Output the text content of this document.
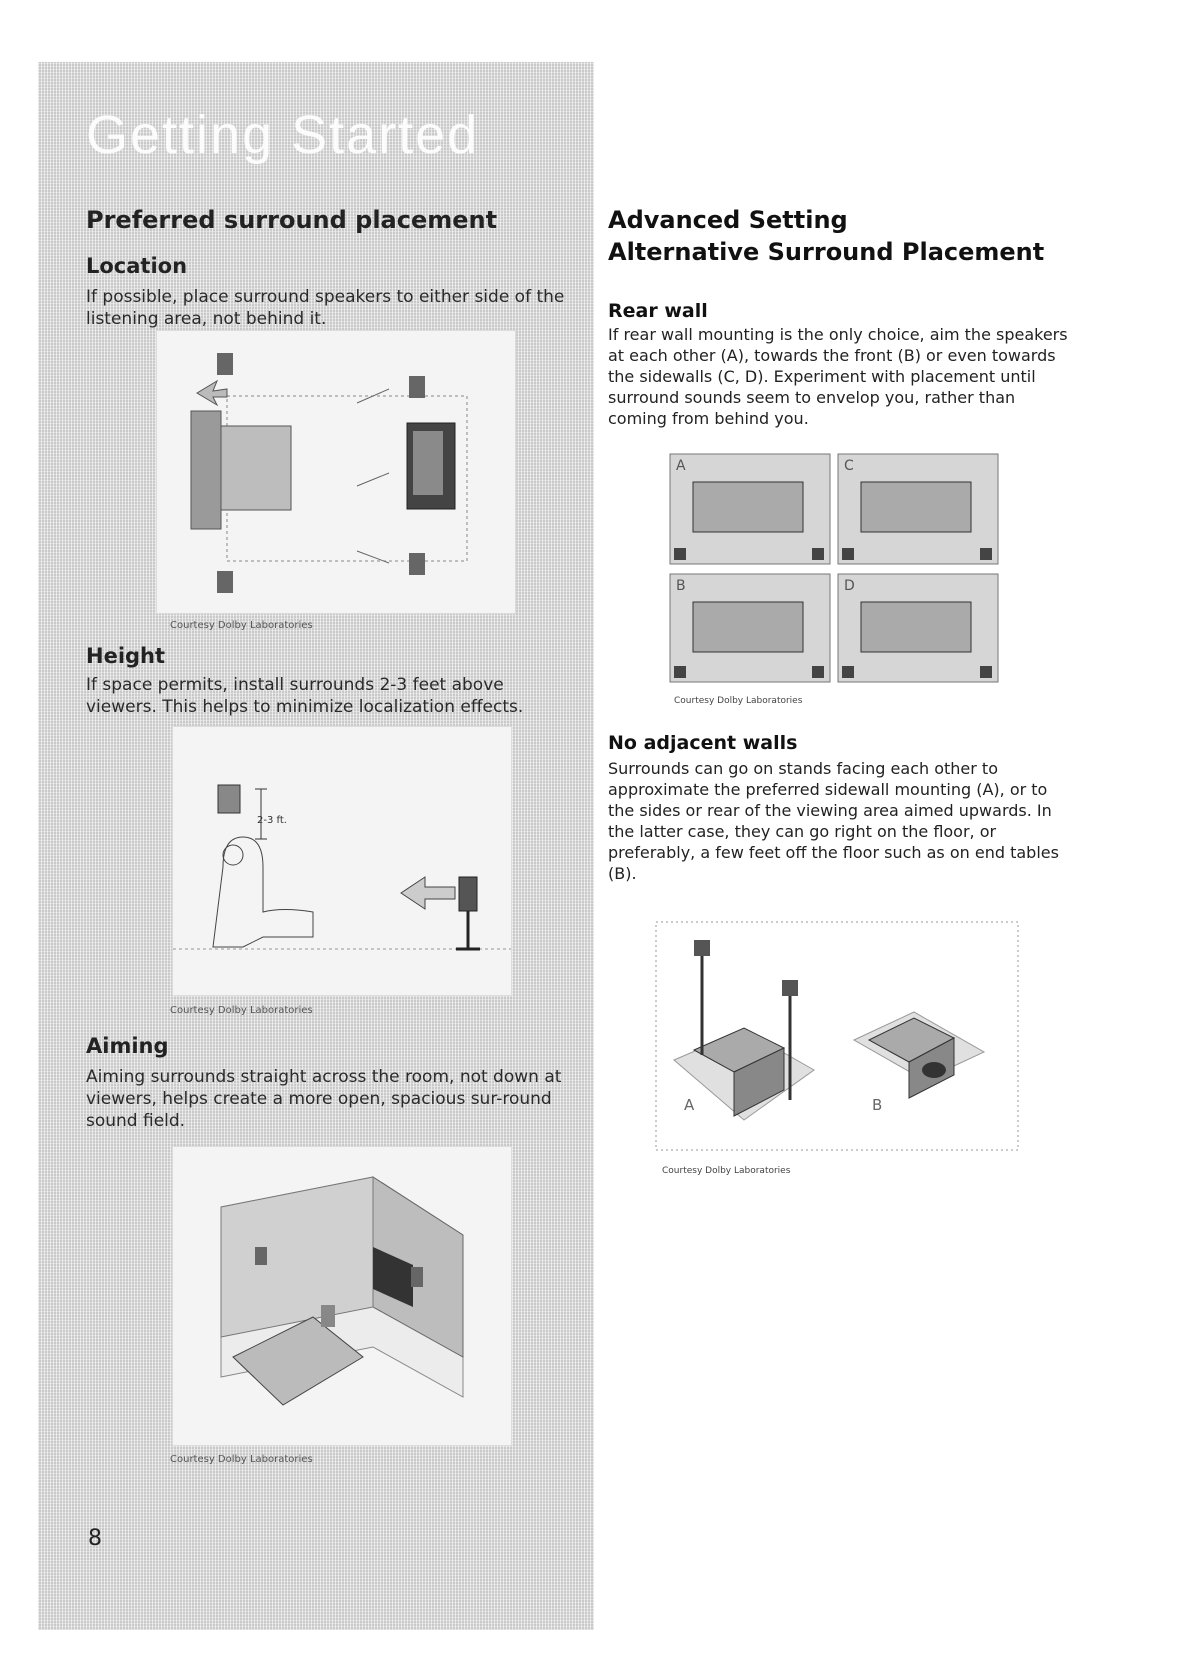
Getting Started
Preferred surround placement
Location
If possible, place surround speakers to either side of the listening area, not behind it.
Courtesy Dolby Laboratories
Height
If space permits, install surrounds 2-3 feet above viewers. This helps to minimize localization effects.
2-3 ft.
Courtesy Dolby Laboratories
Aiming
Aiming surrounds straight across the room, not down at viewers, helps create a more open, spacious sur-round sound field.
Courtesy Dolby Laboratories
8
Advanced Setting
Alternative Surround Placement
Rear wall
If rear wall mounting is the only choice, aim the speakers at each other (A), towards the front (B) or even towards the sidewalls (C, D). Experiment with placement until surround sounds seem to envelop you, rather than coming from behind you.
A	C
B	D
Courtesy Dolby Laboratories
No adjacent walls
Surrounds can go on stands facing each other to approximate the preferred sidewall mounting (A), or to the sides or rear of the viewing area aimed upwards. In the latter case, they can go right on the floor, or preferably, a few feet off the floor such as on end tables (B).
A	B
Courtesy Dolby Laboratories
